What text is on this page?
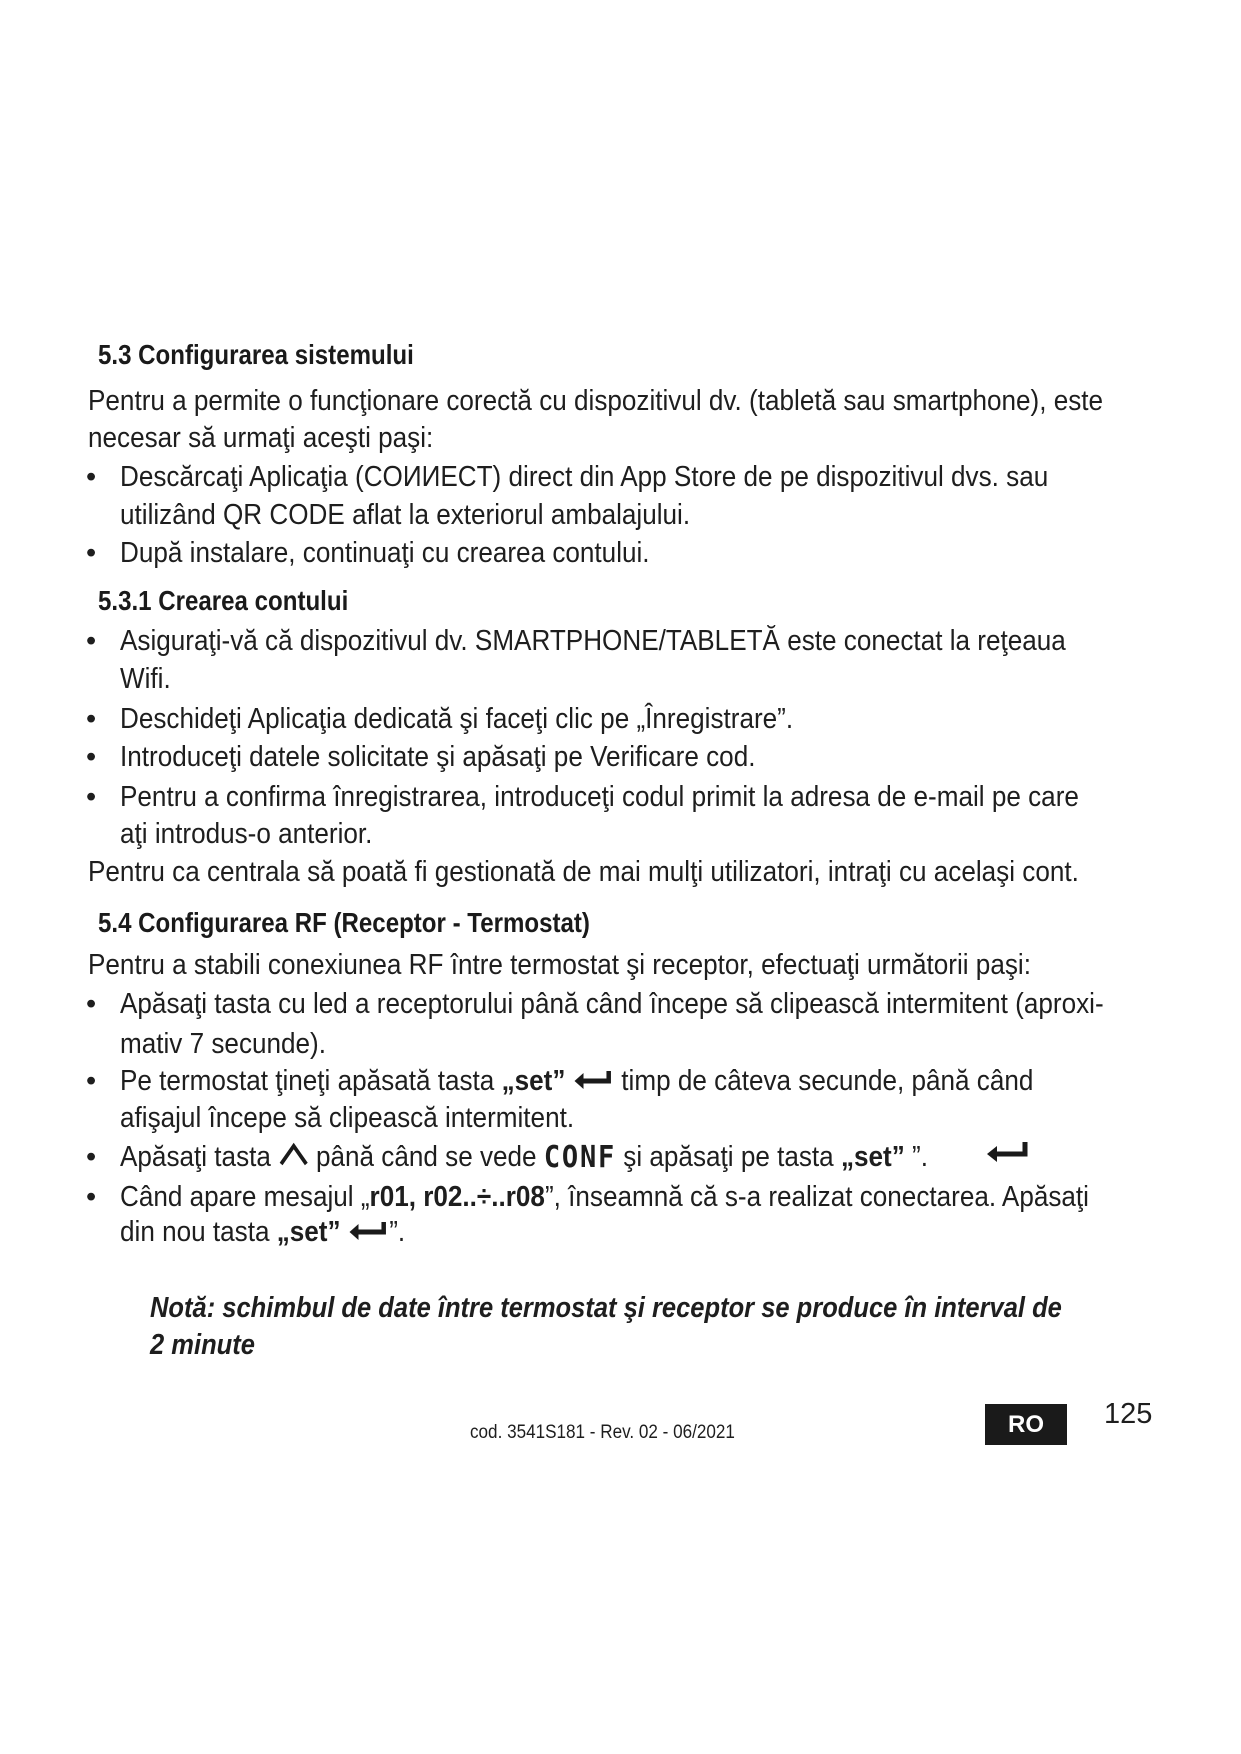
5.3 Configurarea sistemului
Pentru a permite o funcţionare corectă cu dispozitivul dv. (tabletă sau smartphone), este
necesar să urmaţi aceşti paşi:
• Descărcaţi Aplicaţia (COИИECT) direct din App Store de pe dispozitivul dvs. sau
utilizând QR CODE aflat la exteriorul ambalajului.
• După instalare, continuaţi cu crearea contului.
5.3.1 Crearea contului
• Asiguraţi-vă că dispozitivul dv. SMARTPHONE/TABLETĂ este conectat la reţeaua
Wifi.
• Deschideţi Aplicaţia dedicată şi faceţi clic pe „Înregistrare”.
• Introduceţi datele solicitate şi apăsaţi pe Verificare cod.
• Pentru a confirma înregistrarea, introduceţi codul primit la adresa de e-mail pe care
aţi introdus-o anterior.
Pentru ca centrala să poată fi gestionată de mai mulţi utilizatori, intraţi cu acelaşi cont.
5.4 Configurarea RF (Receptor - Termostat)
Pentru a stabili conexiunea RF între termostat şi receptor, efectuaţi următorii paşi:
• Apăsaţi tasta cu led a receptorului până când începe să clipească intermitent (aproxi-
mativ 7 secunde).
• Pe termostat ţineţi apăsată tasta „set”  timp de câteva secunde, până când
afişajul începe să clipească intermitent.
• Apăsaţi tasta  până când se vede CONF şi apăsaţi pe tasta „set” ”.
• Când apare mesajul „r01, r02..÷..r08”, înseamnă că s-a realizat conectarea. Apăsaţi
din nou tasta „set” ”.
Notă: schimbul de date între termostat şi receptor se produce în interval de
2 minute
cod. 3541S181 - Rev. 02 - 06/2021	RO	125
